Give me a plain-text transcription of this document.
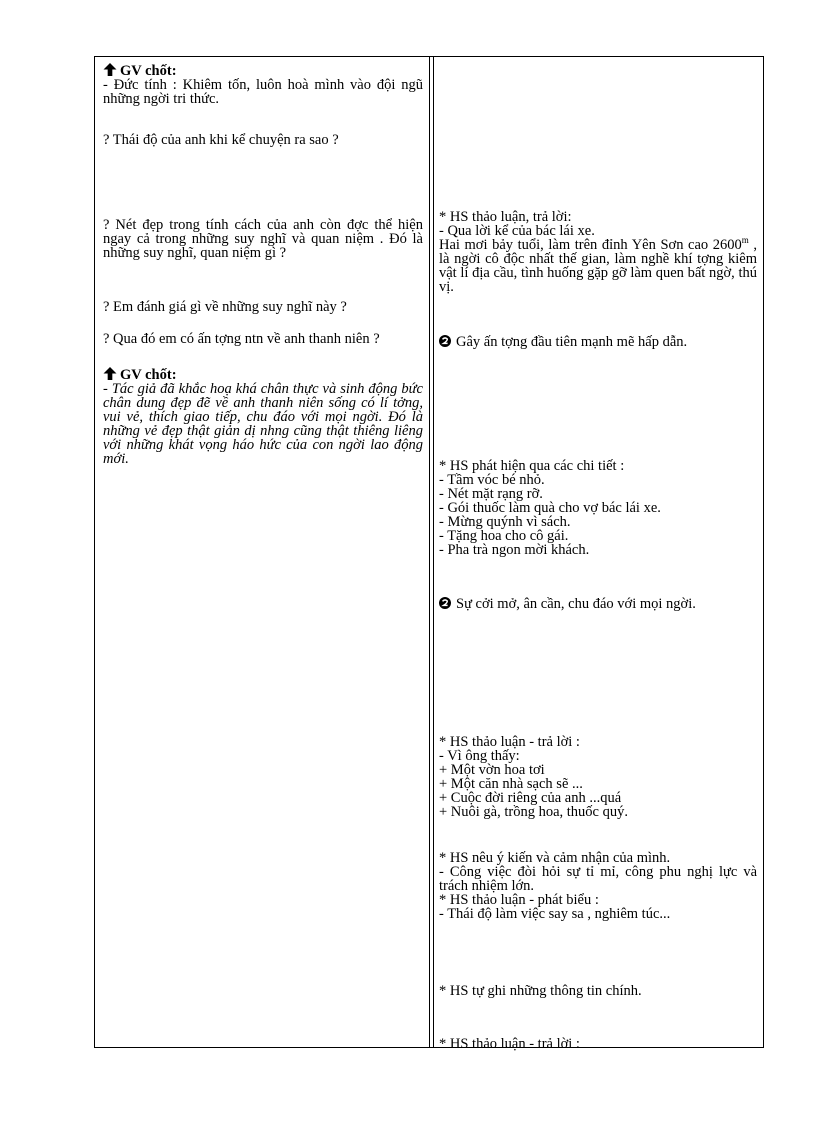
GV chốt:

- Đức tính : Khiêm tốn, luôn hoà mình vào đội ngũ những ngời tri thức.

? Thái độ của anh khi kể chuyện ra sao ?

? Nét đẹp trong tính cách của anh còn đợc thể hiện ngay cả trong những suy nghĩ và quan niệm . Đó là những suy nghĩ, quan niệm gì ?

? Em đánh giá gì về những suy nghĩ này ?

? Qua đó em có ấn tợng ntn về anh thanh niên ?

GV chốt:

- Tác giả đã khắc hoạ khá chân thực và sinh động bức chân dung đẹp đẽ về anh thanh niên sống có lí tởng, vui vẻ, thích giao tiếp, chu đáo với mọi ngời. Đó là những vẻ đẹp thật giản dị nhng cũng thật thiêng liêng với những khát vọng háo hức của con ngời lao động mới.

* HS thảo luận, trả lời:

- Qua lời kể của bác lái xe.

Hai mơi bảy tuổi, làm trên đỉnh Yên Sơn cao 2600$^m$ , là ngời cô độc nhất thế gian, làm nghề khí tợng kiêm vật lí địa cầu, tình huống gặp gỡ làm quen bất ngờ, thú vị.

Gây ấn tợng đầu tiên mạnh mẽ hấp dẫn.

* HS phát hiện qua các chi tiết :

- Tầm vóc bé nhỏ.

- Nét mặt rạng rỡ.

- Gói thuốc làm quà cho vợ bác lái xe.

- Mừng quýnh vì sách.

- Tặng hoa cho cô gái.

- Pha trà ngon mời khách.

Sự cởi mở, ân cần, chu đáo với mọi ngời.

* HS thảo luận - trả lời :

- Vì ông thấy:

+ Một vờn hoa tơi

+ Một căn nhà sạch sẽ ...

+ Cuộc đời riêng của anh ...quá

+ Nuôi gà, trồng hoa, thuốc quý.

* HS nêu ý kiến và cảm nhận của mình.

- Công việc đòi hỏi sự tỉ mỉ, công phu nghị lực và trách nhiệm lớn.

* HS thảo luận - phát biểu :

- Thái độ làm việc say sa , nghiêm túc...

* HS tự ghi những thông tin chính.

* HS thảo luận - trả lời :
